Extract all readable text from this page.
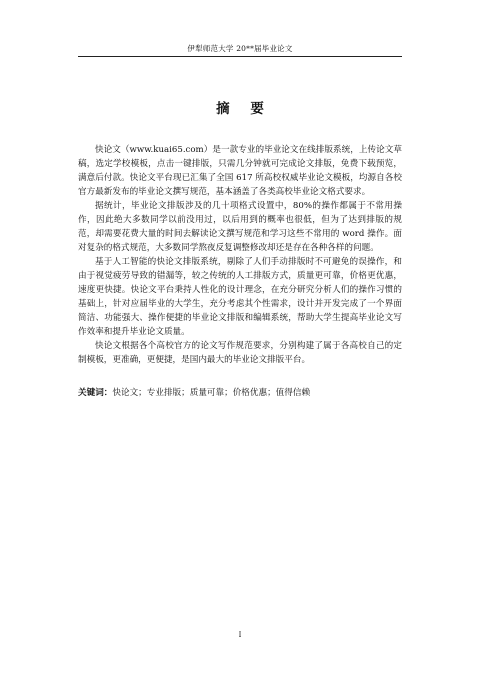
伊犁师范大学 20**届毕业论文
摘 要

快论文（www.kuai65.com）是一款专业的毕业论文在线排版系统，上传论文草稿，选定学校模板，点击一键排版，只需几分钟就可完成论文排版，免费下载预览，满意后付款。快论文平台现已汇集了全国 617 所高校权威毕业论文模板，均源自各校官方最新发布的毕业论文撰写规范，基本涵盖了各类高校毕业论文格式要求。

据统计，毕业论文排版涉及的几十项格式设置中，80%的操作都属于不常用操作，因此绝大多数同学以前没用过，以后用到的概率也很低，但为了达到排版的规范，却需要花费大量的时间去解读论文撰写规范和学习这些不常用的 word 操作。面对复杂的格式规范，大多数同学熬夜反复调整修改却还是存在各种各样的问题。

基于人工智能的快论文排版系统，剔除了人们手动排版时不可避免的误操作，和由于视觉疲劳导致的错漏等，较之传统的人工排版方式，质量更可靠，价格更优惠，速度更快捷。快论文平台秉持人性化的设计理念，在充分研究分析人们的操作习惯的基础上，针对应届毕业的大学生，充分考虑其个性需求，设计并开发完成了一个界面简洁、功能强大、操作便捷的毕业论文排版和编辑系统，帮助大学生提高毕业论文写作效率和提升毕业论文质量。

快论文根据各个高校官方的论文写作规范要求，分别构建了属于各高校自己的定制模板，更准确，更便捷，是国内最大的毕业论文排版平台。

关键词：快论文；专业排版；质量可靠；价格优惠；值得信赖
I
